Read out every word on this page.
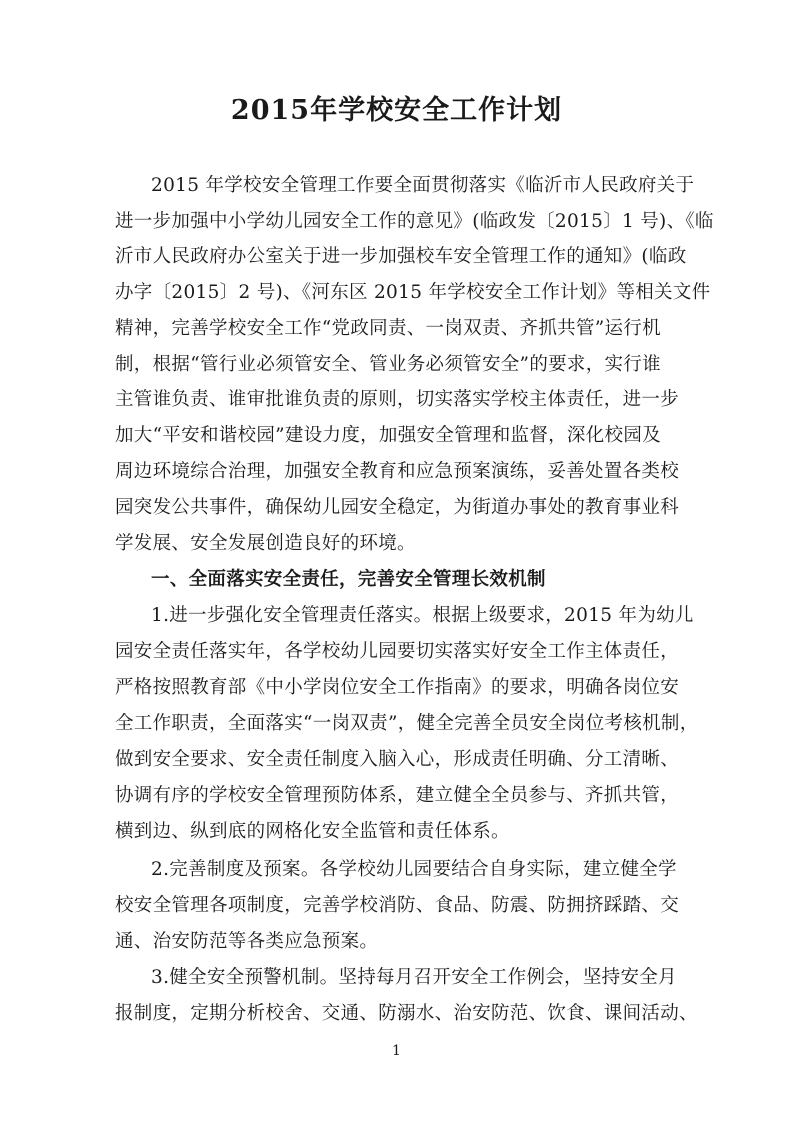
2015年学校安全工作计划
2015 年学校安全管理工作要全面贯彻落实《临沂市人民政府关于
进一步加强中小学幼儿园安全工作的意见》(临政发〔2015〕1 号)、《临
沂市人民政府办公室关于进一步加强校车安全管理工作的通知》(临政
办字〔2015〕2 号)、《河东区 2015 年学校安全工作计划》等相关文件
精神，完善学校安全工作“党政同责、一岗双责、齐抓共管”运行机
制，根据“管行业必须管安全、管业务必须管安全”的要求，实行谁
主管谁负责、谁审批谁负责的原则，切实落实学校主体责任，进一步
加大“平安和谐校园”建设力度，加强安全管理和监督，深化校园及
周边环境综合治理，加强安全教育和应急预案演练，妥善处置各类校
园突发公共事件，确保幼儿园安全稳定，为街道办事处的教育事业科
学发展、安全发展创造良好的环境。
一、全面落实安全责任，完善安全管理长效机制
1.进一步强化安全管理责任落实。根据上级要求，2015 年为幼儿
园安全责任落实年，各学校幼儿园要切实落实好安全工作主体责任，
严格按照教育部《中小学岗位安全工作指南》的要求，明确各岗位安
全工作职责，全面落实“一岗双责”，健全完善全员安全岗位考核机制，
做到安全要求、安全责任制度入脑入心，形成责任明确、分工清晰、
协调有序的学校安全管理预防体系，建立健全全员参与、齐抓共管，
横到边、纵到底的网格化安全监管和责任体系。
2.完善制度及预案。各学校幼儿园要结合自身实际，建立健全学
校安全管理各项制度，完善学校消防、食品、防震、防拥挤踩踏、交
通、治安防范等各类应急预案。
3.健全安全预警机制。坚持每月召开安全工作例会，坚持安全月
报制度，定期分析校舍、交通、防溺水、治安防范、饮食、课间活动、
1
